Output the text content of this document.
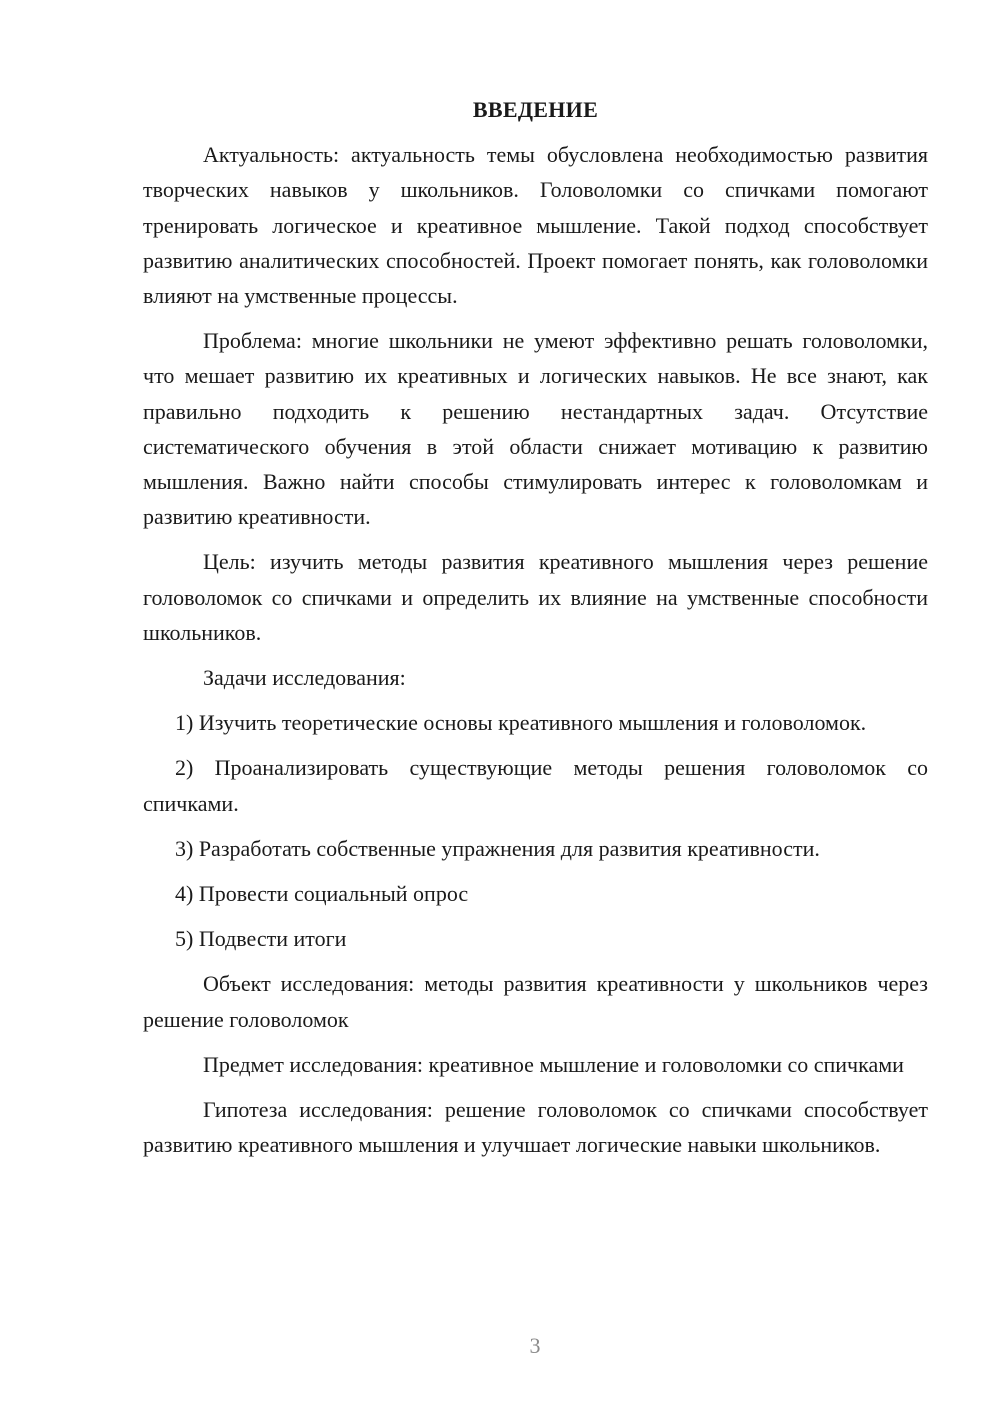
ВВЕДЕНИЕ

Актуальность: актуальность темы обусловлена необходимостью развития творческих навыков у школьников. Головоломки со спичками помогают тренировать логическое и креативное мышление. Такой подход способствует развитию аналитических способностей. Проект помогает понять, как головоломки влияют на умственные процессы.

Проблема: многие школьники не умеют эффективно решать головоломки, что мешает развитию их креативных и логических навыков. Не все знают, как правильно подходить к решению нестандартных задач. Отсутствие систематического обучения в этой области снижает мотивацию к развитию мышления. Важно найти способы стимулировать интерес к головоломкам и развитию креативности.

Цель: изучить методы развития креативного мышления через решение головоломок со спичками и определить их влияние на умственные способности школьников.

Задачи исследования:

1) Изучить теоретические основы креативного мышления и головоломок.

2) Проанализировать существующие методы решения головоломок со спичками.

3) Разработать собственные упражнения для развития креативности.

4) Провести социальный опрос

5) Подвести итоги

Объект исследования: методы развития креативности у школьников через решение головоломок

Предмет исследования: креативное мышление и головоломки со спичками

Гипотеза исследования: решение головоломок со спичками способствует развитию креативного мышления и улучшает логические навыки школьников.

3
